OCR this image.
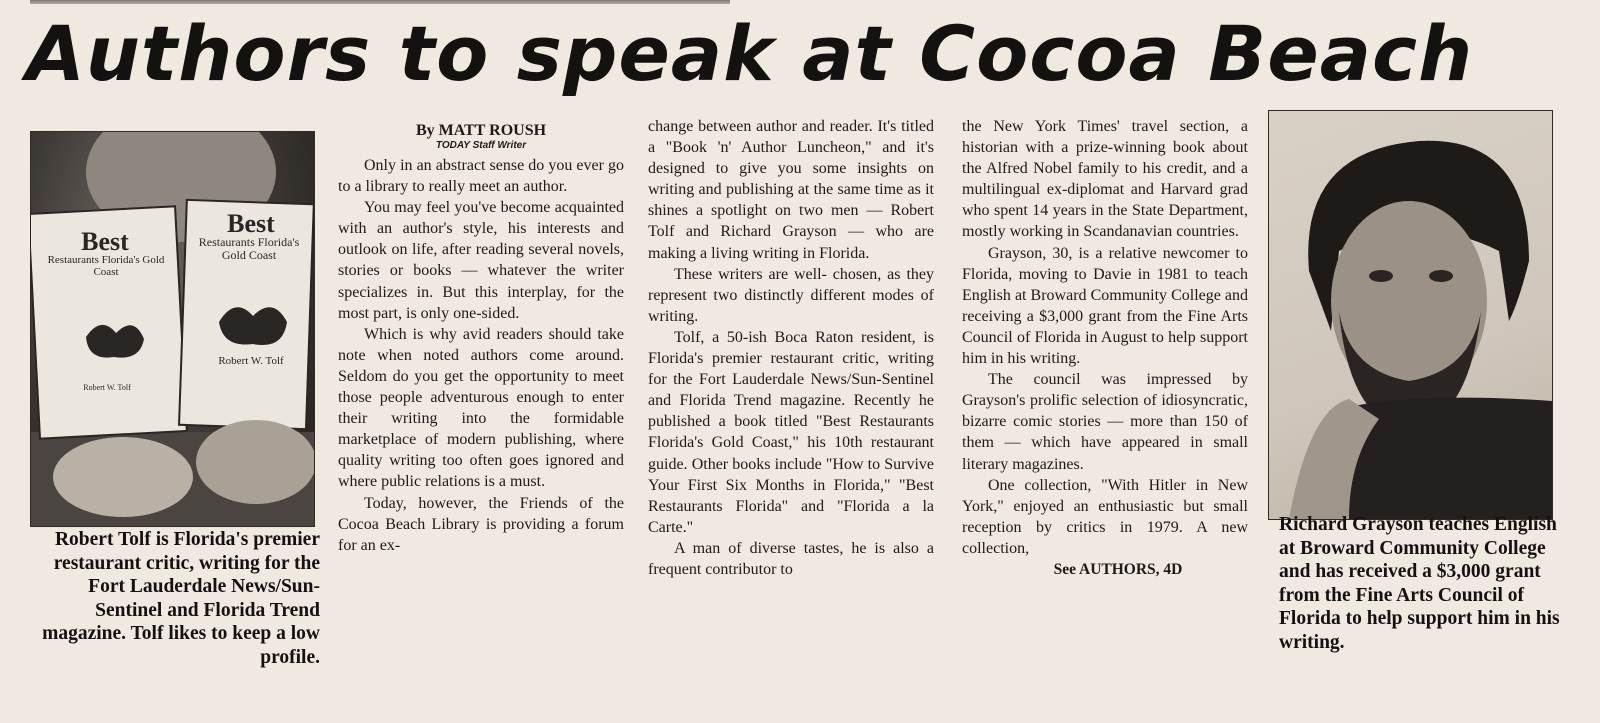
Authors to speak at Cocoa Beach
Best
Restaurants Florida's Gold Coast
Robert W. Tolf
Best
Restaurants Florida's Gold Coast
Robert W. Tolf

Robert Tolf is Florida's premier restaurant critic, writing for the Fort Lauderdale News/Sun-Sentinel and Florida Trend magazine. Tolf likes to keep a low profile.

By MATT ROUSH
TODAY Staff Writer

Only in an abstract sense do you ever go to a library to really meet an author.

You may feel you've become acquainted with an author's style, his interests and outlook on life, after reading several novels, stories or books — whatever the writer specializes in. But this interplay, for the most part, is only one-sided.

Which is why avid readers should take note when noted authors come around. Seldom do you get the opportunity to meet those people adventurous enough to enter their writing into the formidable marketplace of modern publishing, where quality writing too often goes ignored and where public relations is a must.

Today, however, the Friends of the Cocoa Beach Library is providing a forum for an ex-

change between author and reader. It's titled a "Book 'n' Author Luncheon," and it's designed to give you some insights on writing and publishing at the same time as it shines a spotlight on two men — Robert Tolf and Richard Grayson — who are making a living writing in Florida.

These writers are well- chosen, as they represent two distinctly different modes of writing.

Tolf, a 50-ish Boca Raton resident, is Florida's premier restaurant critic, writing for the Fort Lauderdale News/Sun-Sentinel and Florida Trend magazine. Recently he published a book titled "Best Restaurants Florida's Gold Coast," his 10th restaurant guide. Other books include "How to Survive Your First Six Months in Florida," "Best Restaurants Florida" and "Florida a la Carte."

A man of diverse tastes, he is also a frequent contributor to

the New York Times' travel section, a historian with a prize-winning book about the Alfred Nobel family to his credit, and a multilingual ex-diplomat and Harvard grad who spent 14 years in the State Department, mostly working in Scandanavian countries.

Grayson, 30, is a relative newcomer to Florida, moving to Davie in 1981 to teach English at Broward Community College and receiving a $3,000 grant from the Fine Arts Council of Florida in August to help support him in his writing.

The council was impressed by Grayson's prolific selection of idiosyncratic, bizarre comic stories — more than 150 of them — which have appeared in small literary magazines.

One collection, "With Hitler in New York," enjoyed an enthusiastic but small reception by critics in 1979. A new collection,

See AUTHORS, 4D

Richard Grayson teaches English at Broward Community College and has received a $3,000 grant from the Fine Arts Council of Florida to help support him in his writing.
